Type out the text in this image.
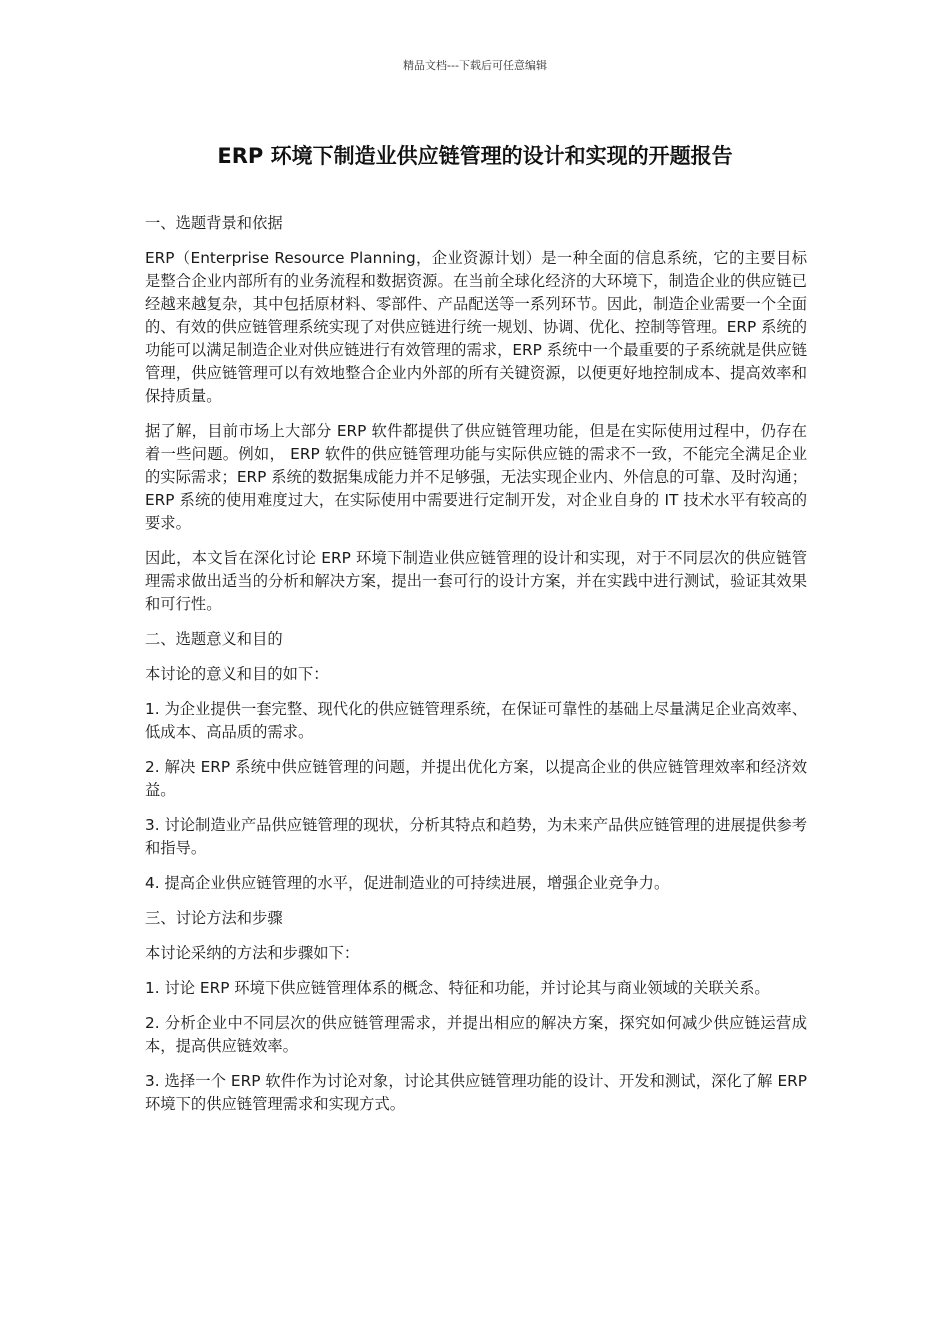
精品文档---下载后可任意编辑
ERP 环境下制造业供应链管理的设计和实现的开题报告

一、选题背景和依据

ERP（Enterprise Resource Planning，企业资源计划）是一种全面的信息系统，它的主要目标是整合企业内部所有的业务流程和数据资源。在当前全球化经济的大环境下，制造企业的供应链已经越来越复杂，其中包括原材料、零部件、产品配送等一系列环节。因此，制造企业需要一个全面的、有效的供应链管理系统实现了对供应链进行统一规划、协调、优化、控制等管理。ERP 系统的功能可以满足制造企业对供应链进行有效管理的需求，ERP 系统中一个最重要的子系统就是供应链管理，供应链管理可以有效地整合企业内外部的所有关键资源，以便更好地控制成本、提高效率和保持质量。

据了解，目前市场上大部分 ERP 软件都提供了供应链管理功能，但是在实际使用过程中，仍存在着一些问题。例如， ERP 软件的供应链管理功能与实际供应链的需求不一致，不能完全满足企业的实际需求；ERP 系统的数据集成能力并不足够强，无法实现企业内、外信息的可靠、及时沟通；ERP 系统的使用难度过大，在实际使用中需要进行定制开发，对企业自身的 IT 技术水平有较高的要求。

因此，本文旨在深化讨论 ERP 环境下制造业供应链管理的设计和实现，对于不同层次的供应链管理需求做出适当的分析和解决方案，提出一套可行的设计方案，并在实践中进行测试，验证其效果和可行性。

二、选题意义和目的

本讨论的意义和目的如下：

1. 为企业提供一套完整、现代化的供应链管理系统，在保证可靠性的基础上尽量满足企业高效率、低成本、高品质的需求。

2. 解决 ERP 系统中供应链管理的问题，并提出优化方案，以提高企业的供应链管理效率和经济效益。

3. 讨论制造业产品供应链管理的现状，分析其特点和趋势，为未来产品供应链管理的进展提供参考和指导。

4. 提高企业供应链管理的水平，促进制造业的可持续进展，增强企业竞争力。

三、讨论方法和步骤

本讨论采纳的方法和步骤如下：

1. 讨论 ERP 环境下供应链管理体系的概念、特征和功能，并讨论其与商业领域的关联关系。

2. 分析企业中不同层次的供应链管理需求，并提出相应的解决方案，探究如何减少供应链运营成本，提高供应链效率。

3. 选择一个 ERP 软件作为讨论对象，讨论其供应链管理功能的设计、开发和测试，深化了解 ERP 环境下的供应链管理需求和实现方式。
